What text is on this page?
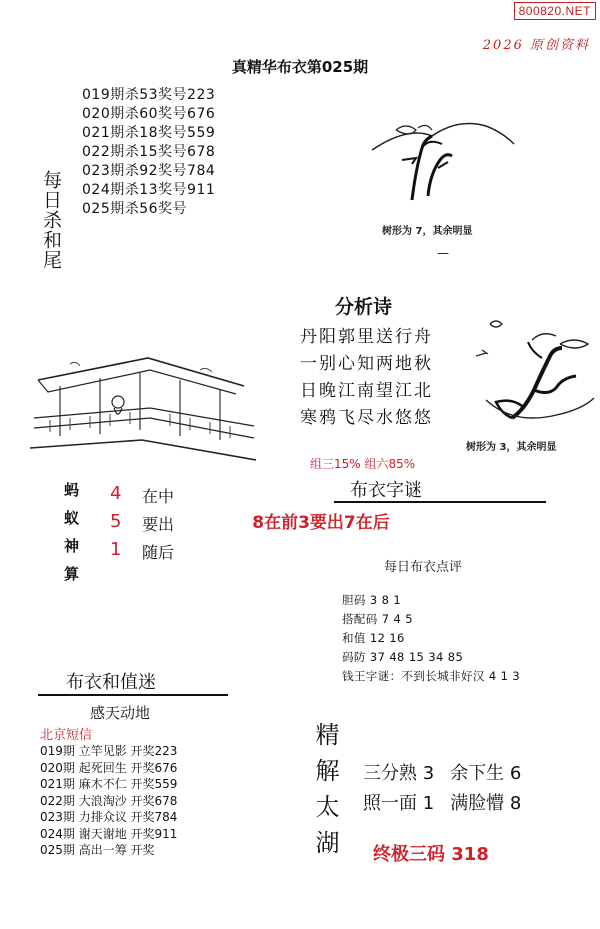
800820.NET
2026 原创资料
真精华布衣第025期
019期杀53奖号223
020期杀60奖号676
021期杀18奖号559
022期杀15奖号678
023期杀92奖号784
024期杀13奖号911
025期杀56奖号
每日杀和尾	树形为 7，其余明显
—
分析诗
丹阳郭里送行舟
一别心知两地秋
日晚江南望江北
寒鸦飞尽水悠悠
树形为 3，其余明显
组三15% 组六85%
布衣字谜
8在前3要出7在后
蚂
蚁
神
算
4
5
1
在中
要出
随后
每日布衣点评
胆码 3 8 1
搭配码 7 4 5
和值 12 16
码防 37 48 15 34 85
钱王字谜：不到长城非好汉 4 1 3
布衣和值迷
感天动地
北京短信
019期 立竿见影 开奖223
020期 起死回生 开奖676
021期 麻木不仁 开奖559
022期 大浪淘沙 开奖678
023期 力排众议 开奖784
024期 谢天谢地 开奖911
025期 高出一筹 开奖	精解太湖 三分熟 3 余下生 6
照一面 1 满脸懵 8
终极三码 318
